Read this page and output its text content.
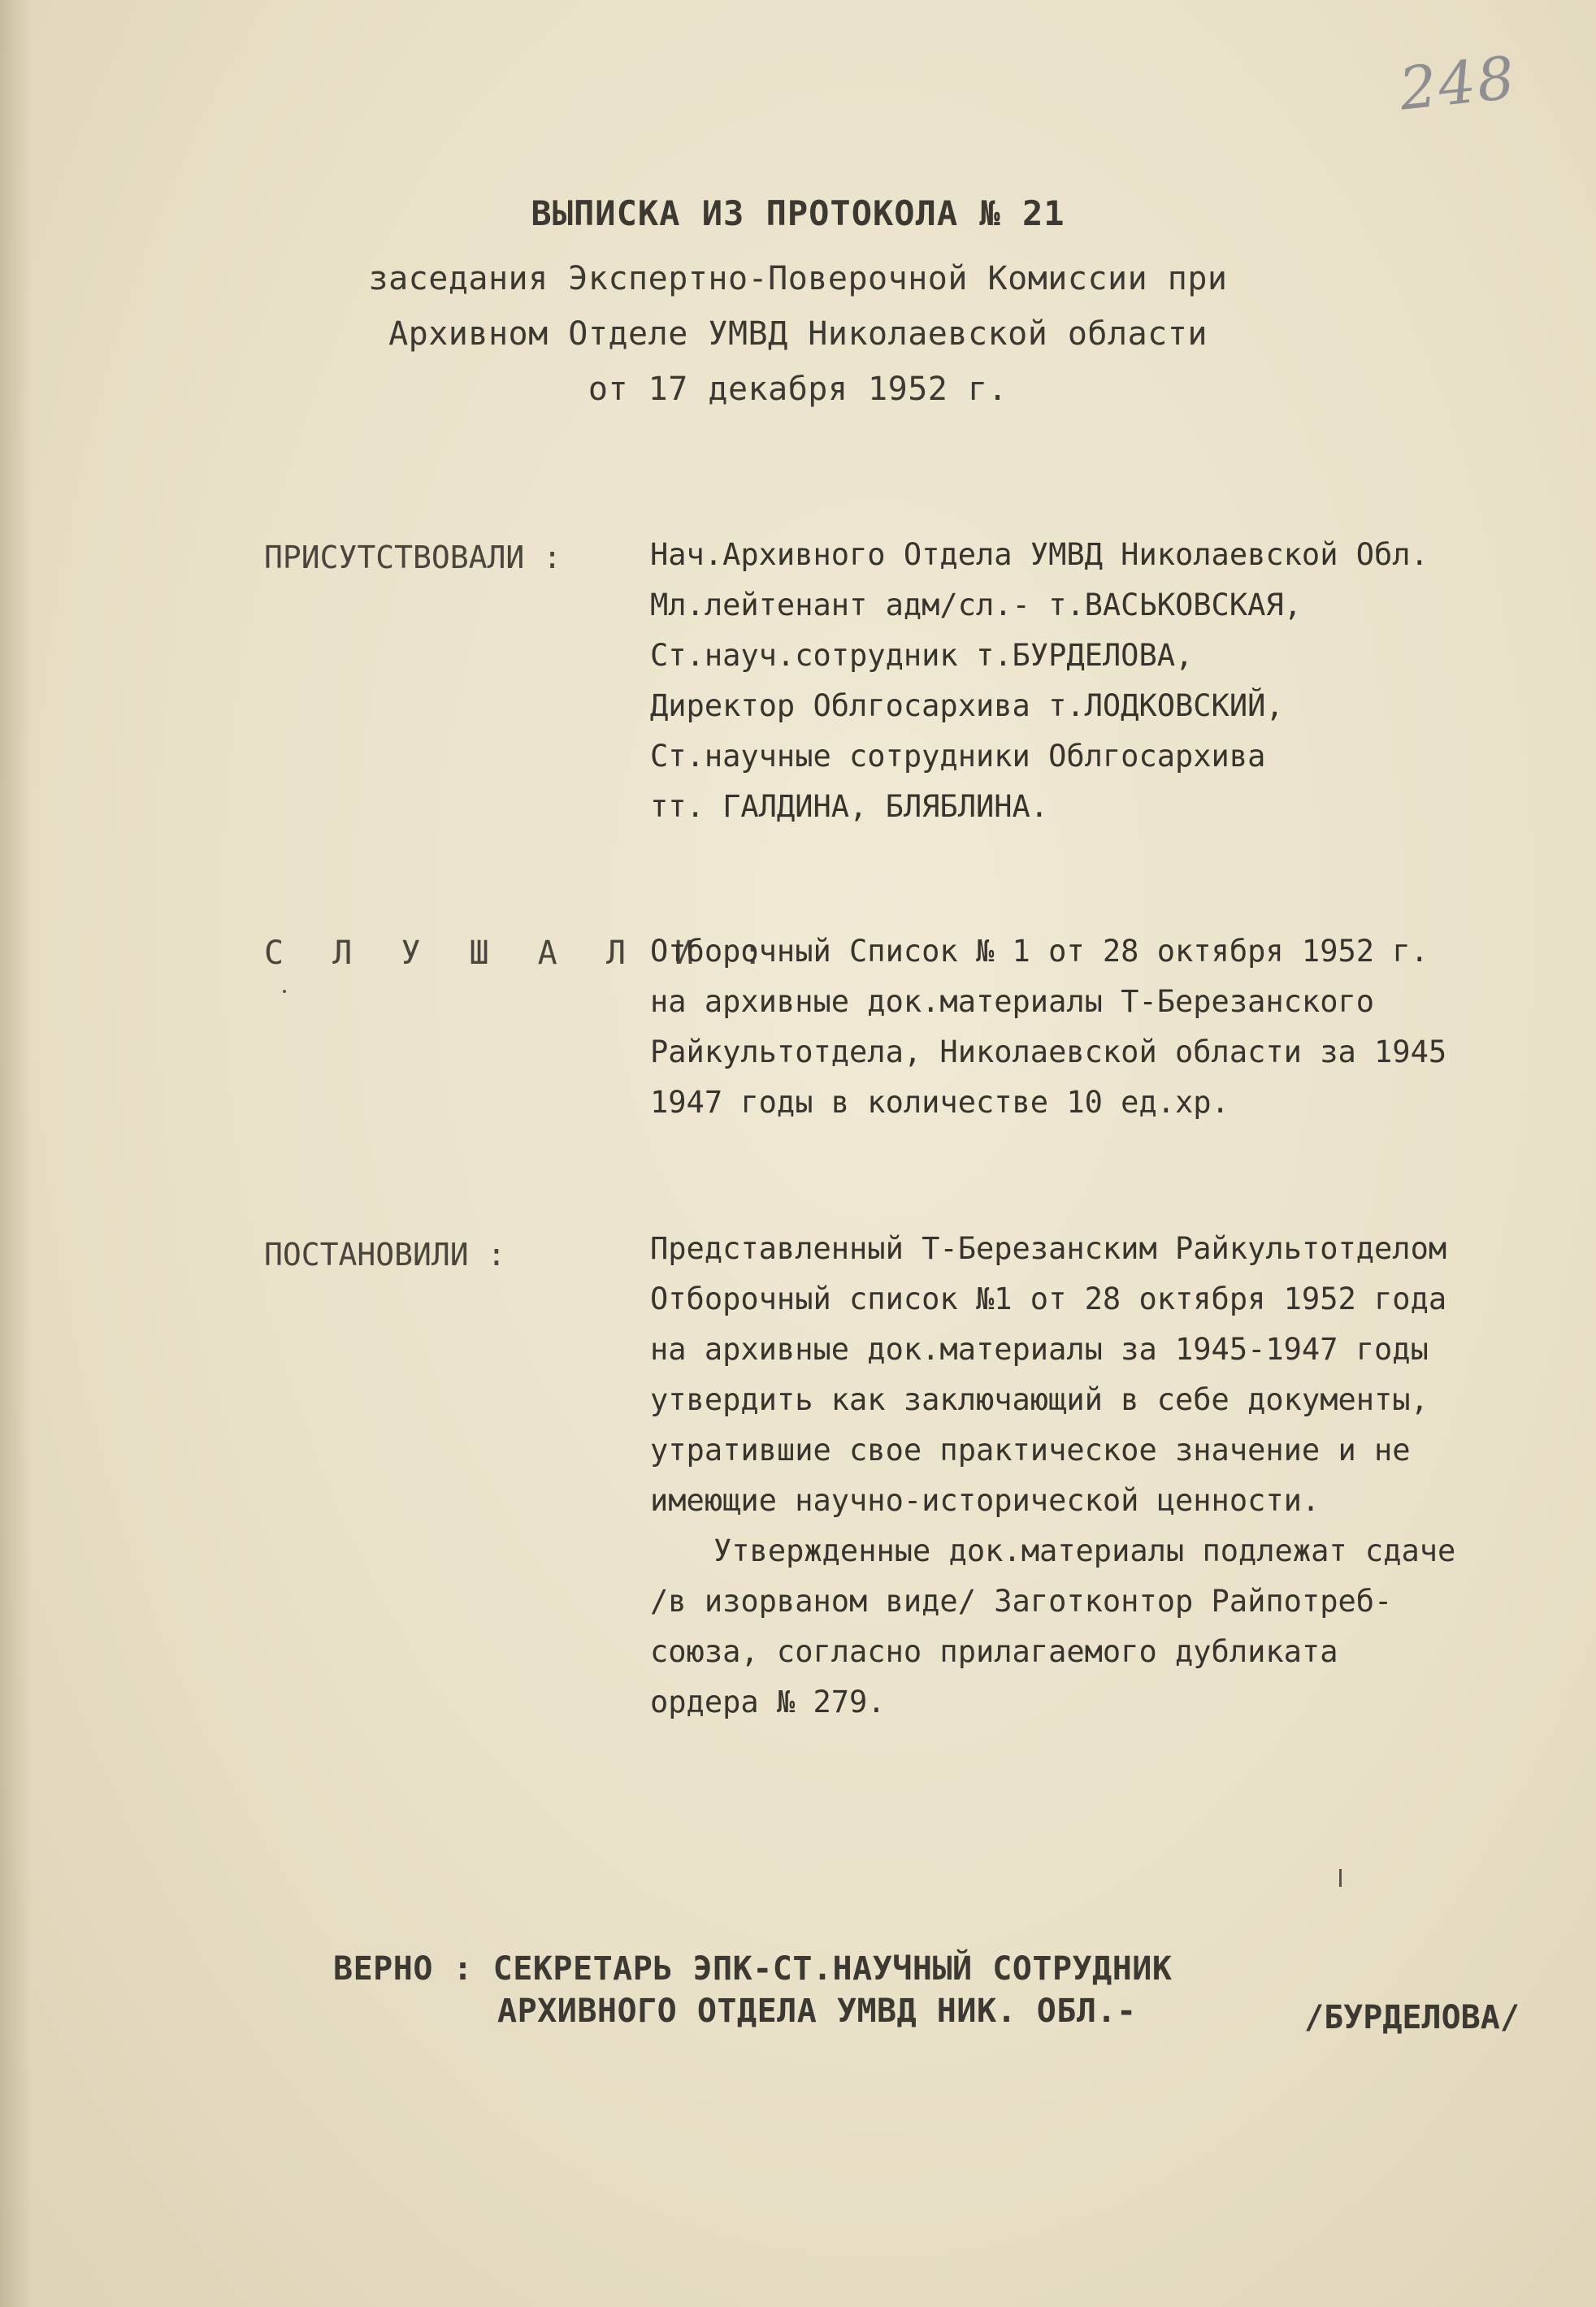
248
ВЫПИСКА ИЗ ПРОТОКОЛА № 21
заседания Экспертно-Поверочной Комиссии при
Архивном Отделе УМВД Николаевской области
от 17 декабря 1952 г.
ПРИСУТСТВОВАЛИ :	Нач.Архивного Отдела УМВД Николаевской Обл.
Мл.лейтенант адм/сл.- т.ВАСЬКОВСКАЯ,
Ст.науч.сотрудник т.БУРДЕЛОВА,
Директор Облгосархива т.ЛОДКОВСКИЙ,
Ст.научные сотрудники Облгосархива
тт. ГАЛДИНА, БЛЯБЛИНА.
С Л У Ш А Л И :
Отборочный Список № 1 от 28 октября 1952 г.
на архивные док.материалы Т-Березанского
Райкультотдела, Николаевской области за 1945
1947 годы в количестве 10 ед.хр.
ПОСТАНОВИЛИ :	Представленный Т-Березанским Райкультотделом
Отборочный список №1 от 28 октября 1952 года
на архивные док.материалы за 1945-1947 годы
утвердить как заключающий в себе документы,
утратившие свое практическое значение и не
имеющие научно-исторической ценности.
Утвержденные док.материалы подлежат сдаче
/в изорваном виде/ Заготконтор Райпотреб-
союза, согласно прилагаемого дубликата
ордера № 279.
ВЕРНО : СЕКРЕТАРЬ ЭПК-СТ.НАУЧНЫЙ СОТРУДНИК
АРХИВНОГО ОТДЕЛА УМВД НИК. ОБЛ.-	/БУРДЕЛОВА/
